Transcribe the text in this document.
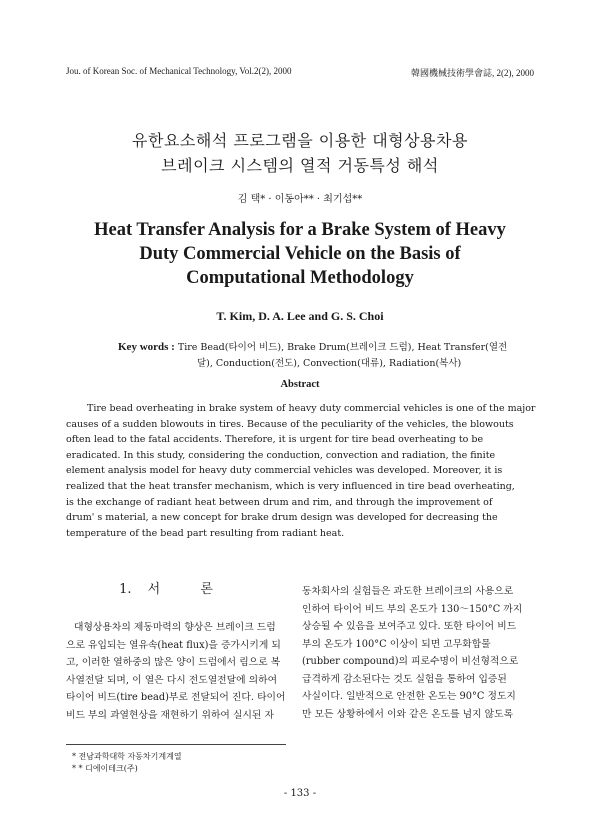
Jou. of Korean Soc. of Mechanical Technology, Vol.2(2), 2000	韓國機械技術學會誌, 2(2), 2000
유한요소해석 프로그램을 이용한 대형상용차용
브레이크 시스템의 열적 거동특성 해석
김 택* · 이동아** · 최기섭**
Heat Transfer Analysis for a Brake System of Heavy
Duty Commercial Vehicle on the Basis of
Computational Methodology
T. Kim, D. A. Lee and G. S. Choi
Key words : Tire Bead(타이어 비드), Brake Drum(브레이크 드럼), Heat Transfer(열전
달), Conduction(전도), Convection(대류), Radiation(복사)
Abstract
Tire bead overheating in brake system of heavy duty commercial vehicles is one of the major
causes of a sudden blowouts in tires. Because of the peculiarity of the vehicles, the blowouts
often lead to the fatal accidents. Therefore, it is urgent for tire bead overheating to be
eradicated. In this study, considering the conduction, convection and radiation, the finite
element analysis model for heavy duty commercial vehicles was developed. Moreover, it is
realized that the heat transfer mechanism, which is very influenced in tire bead overheating,
is the exchange of radiant heat between drum and rim, and through the improvement of
drum' s material, a new concept for brake drum design was developed for decreasing the
temperature of the bead part resulting from radiant heat.
1. 서 론
대형상용차의 제동마력의 향상은 브레이크 드럼
으로 유입되는 열유속(heat flux)을 증가시키게 되
고, 이러한 열하중의 많은 양이 드럼에서 림으로 복
사열전달 되며, 이 열은 다시 전도열전달에 의하여
타이어 비드(tire bead)부로 전달되어 진다. 타이어
비드 부의 과열현상을 재현하기 위하여 실시된 자
동차회사의 실험들은 과도한 브레이크의 사용으로
인하여 타이어 비드 부의 온도가 130～150°C 까지
상승될 수 있음을 보여주고 있다. 또한 타이어 비드
부의 온도가 100°C 이상이 되면 고무화합물
(rubber compound)의 피로수명이 비선형적으로
급격하게 감소된다는 것도 실험을 통하여 입증된
사실이다. 일반적으로 안전한 온도는 90°C 정도지
만 모든 상황하에서 이와 같은 온도를 넘지 않도록
* 전남과학대학 자동차기계계열
* * 디에이테크(주)
- 133 -
